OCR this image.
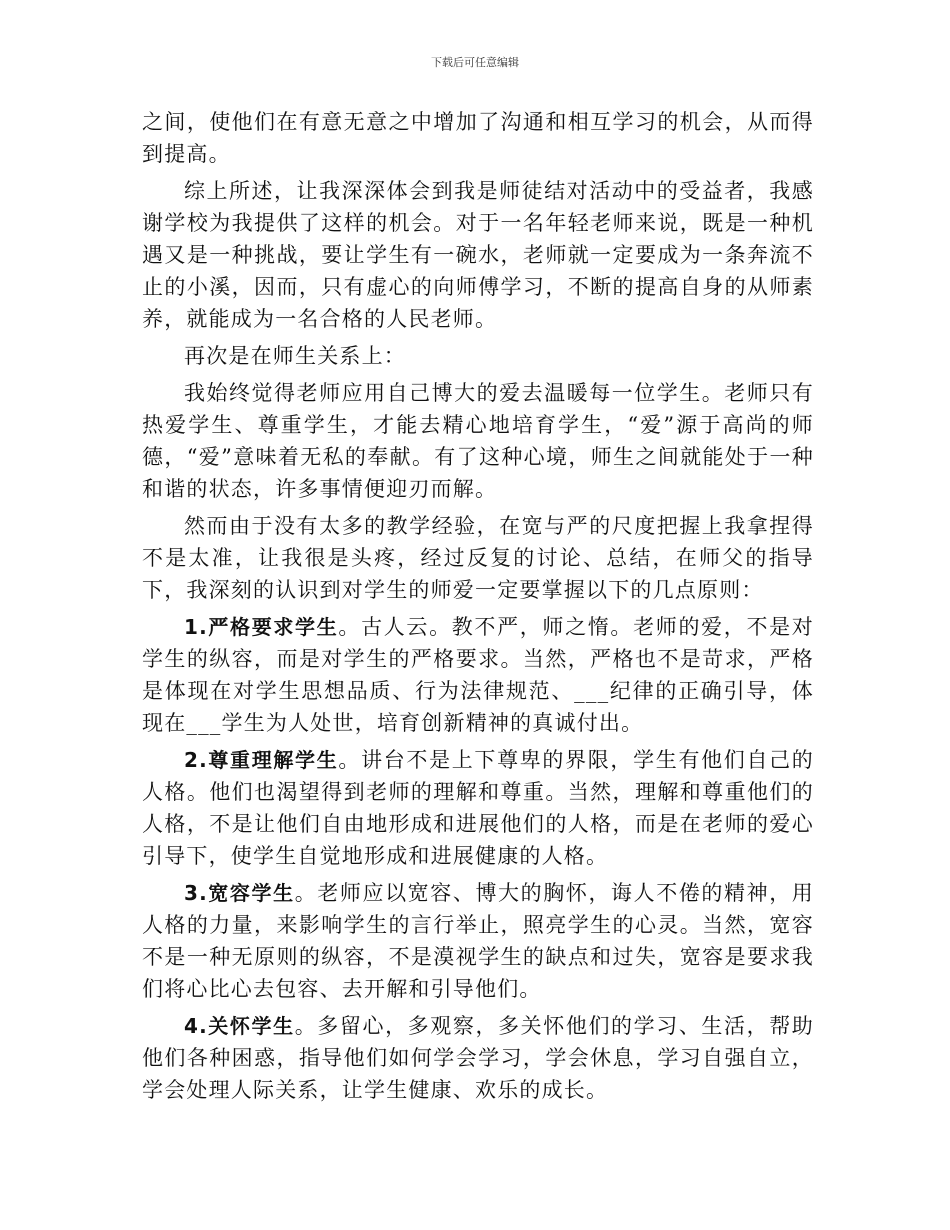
下载后可任意编辑

之间，使他们在有意无意之中增加了沟通和相互学习的机会，从而得到提高。

综上所述，让我深深体会到我是师徒结对活动中的受益者，我感谢学校为我提供了这样的机会。对于一名年轻老师来说，既是一种机遇又是一种挑战，要让学生有一碗水，老师就一定要成为一条奔流不止的小溪，因而，只有虚心的向师傅学习，不断的提高自身的从师素养，就能成为一名合格的人民老师。

再次是在师生关系上：

我始终觉得老师应用自己博大的爱去温暖每一位学生。老师只有热爱学生、尊重学生，才能去精心地培育学生，“爱”源于高尚的师德，“爱”意味着无私的奉献。有了这种心境，师生之间就能处于一种和谐的状态，许多事情便迎刃而解。

然而由于没有太多的教学经验，在宽与严的尺度把握上我拿捏得不是太准，让我很是头疼，经过反复的讨论、总结，在师父的指导下，我深刻的认识到对学生的师爱一定要掌握以下的几点原则：

1.严格要求学生。古人云。教不严，师之惰。老师的爱，不是对学生的纵容，而是对学生的严格要求。当然，严格也不是苛求，严格是体现在对学生思想品质、行为法律规范、___纪律的正确引导，体现在___学生为人处世，培育创新精神的真诚付出。

2.尊重理解学生。讲台不是上下尊卑的界限，学生有他们自己的人格。他们也渴望得到老师的理解和尊重。当然，理解和尊重他们的人格，不是让他们自由地形成和进展他们的人格，而是在老师的爱心引导下，使学生自觉地形成和进展健康的人格。

3.宽容学生。老师应以宽容、博大的胸怀，诲人不倦的精神，用人格的力量，来影响学生的言行举止，照亮学生的心灵。当然，宽容不是一种无原则的纵容，不是漠视学生的缺点和过失，宽容是要求我们将心比心去包容、去开解和引导他们。

4.关怀学生。多留心，多观察，多关怀他们的学习、生活，帮助他们各种困惑，指导他们如何学会学习，学会休息，学习自强自立，学会处理人际关系，让学生健康、欢乐的成长。
